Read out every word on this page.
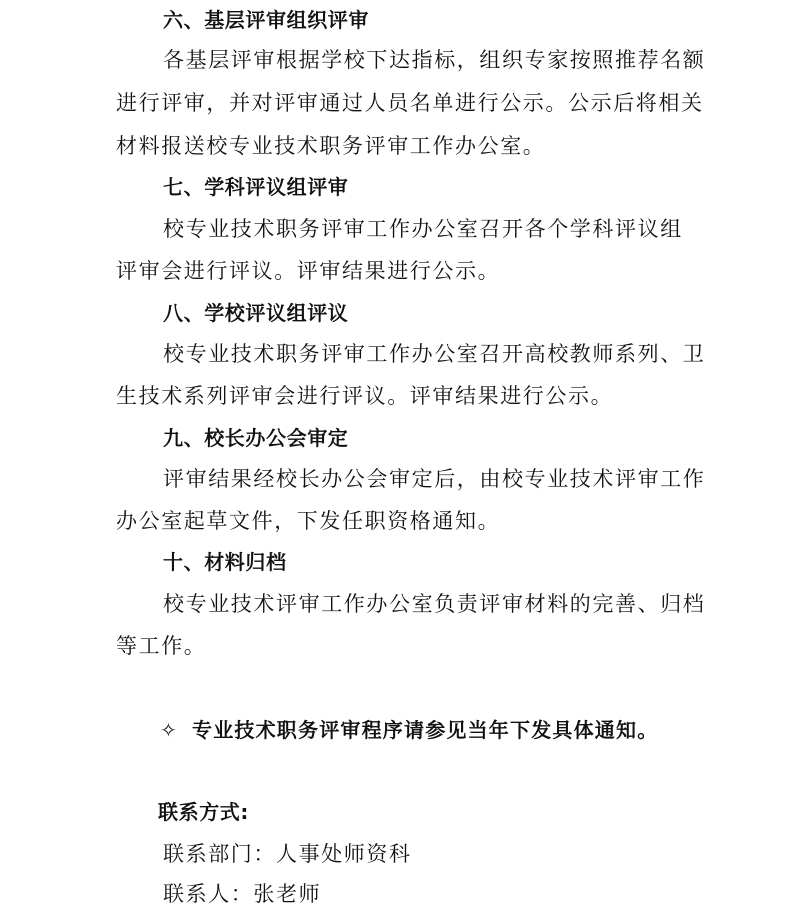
六、基层评审组织评审
各基层评审根据学校下达指标，组织专家按照推荐名额
进行评审，并对评审通过人员名单进行公示。公示后将相关
材料报送校专业技术职务评审工作办公室。
七、学科评议组评审
校专业技术职务评审工作办公室召开各个学科评议组
评审会进行评议。评审结果进行公示。
八、学校评议组评议
校专业技术职务评审工作办公室召开高校教师系列、卫
生技术系列评审会进行评议。评审结果进行公示。
九、校长办公会审定
评审结果经校长办公会审定后，由校专业技术评审工作
办公室起草文件，下发任职资格通知。
十、材料归档
校专业技术评审工作办公室负责评审材料的完善、归档
等工作。
✧ 专业技术职务评审程序请参见当年下发具体通知。
联系方式:
联系部门：人事处师资科
联系人：张老师
